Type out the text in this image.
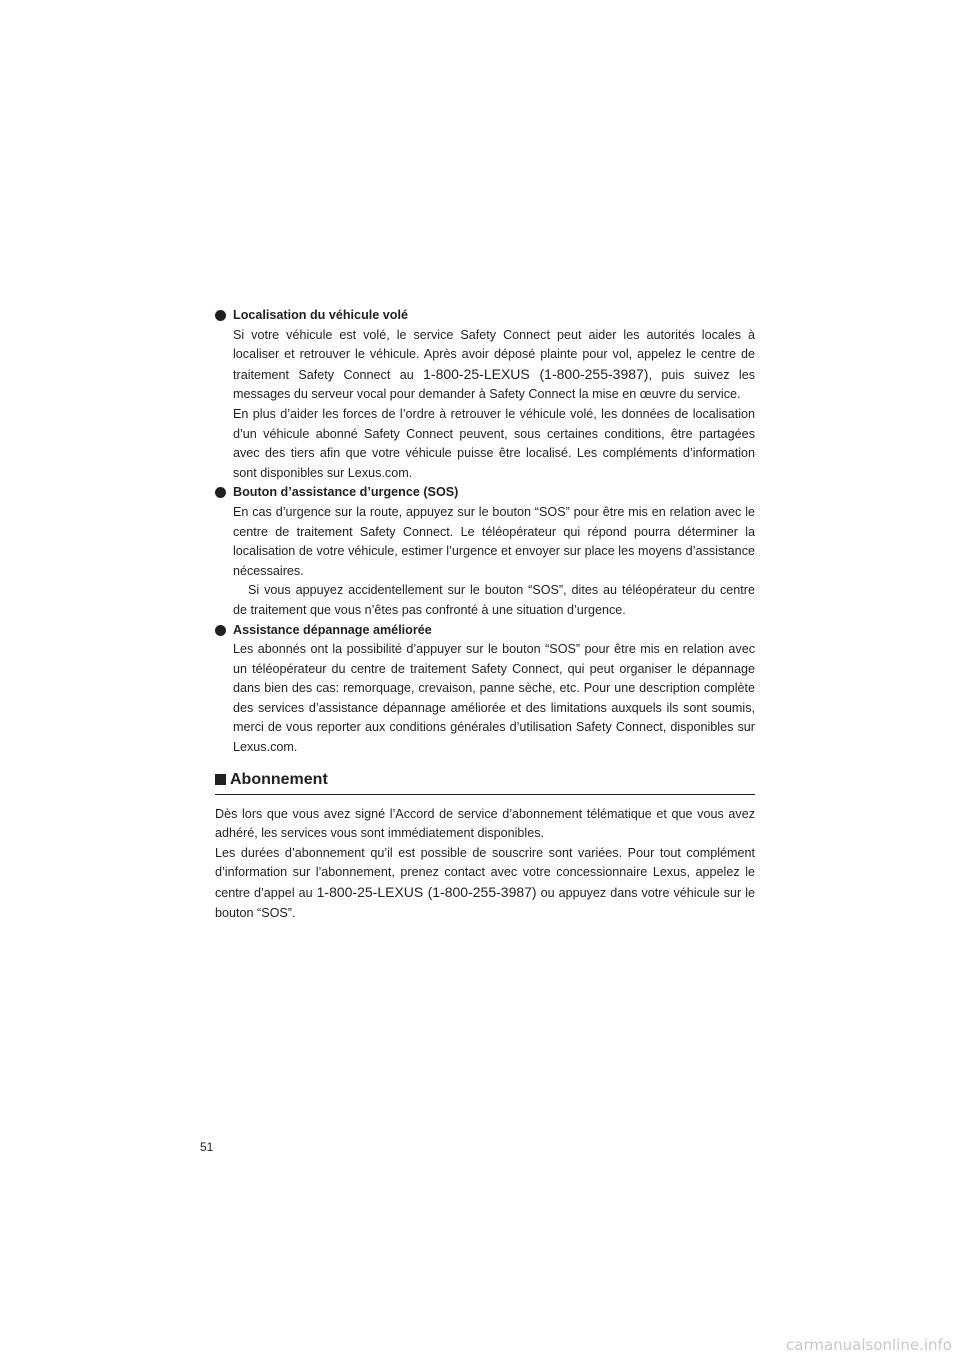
Localisation du véhicule volé

Si votre véhicule est volé, le service Safety Connect peut aider les autorités locales à localiser et retrouver le véhicule. Après avoir déposé plainte pour vol, appelez le centre de traitement Safety Connect au 1-800-25-LEXUS (1-800-255-3987), puis suivez les messages du serveur vocal pour demander à Safety Connect la mise en œuvre du service.

En plus d’aider les forces de l’ordre à retrouver le véhicule volé, les données de localisation d’un véhicule abonné Safety Connect peuvent, sous certaines conditions, être partagées avec des tiers afin que votre véhicule puisse être localisé. Les compléments d’information sont disponibles sur Lexus.com.

Bouton d’assistance d’urgence (SOS)

En cas d’urgence sur la route, appuyez sur le bouton “SOS” pour être mis en relation avec le centre de traitement Safety Connect. Le téléopérateur qui répond pourra déterminer la localisation de votre véhicule, estimer l’urgence et envoyer sur place les moyens d’assistance nécessaires.

Si vous appuyez accidentellement sur le bouton “SOS”, dites au téléopérateur du centre de traitement que vous n’êtes pas confronté à une situation d’urgence.

Assistance dépannage améliorée

Les abonnés ont la possibilité d’appuyer sur le bouton “SOS” pour être mis en relation avec un téléopérateur du centre de traitement Safety Connect, qui peut organiser le dépannage dans bien des cas: remorquage, crevaison, panne sèche, etc. Pour une description complète des services d’assistance dépannage améliorée et des limitations auxquels ils sont soumis, merci de vous reporter aux conditions générales d’utilisation Safety Connect, disponibles sur Lexus.com.

Abonnement

Dès lors que vous avez signé l’Accord de service d’abonnement télématique et que vous avez adhéré, les services vous sont immédiatement disponibles.

Les durées d’abonnement qu’il est possible de souscrire sont variées. Pour tout complément d’information sur l’abonnement, prenez contact avec votre concessionnaire Lexus, appelez le centre d’appel au 1-800-25-LEXUS (1-800-255-3987) ou appuyez dans votre véhicule sur le bouton “SOS”.

51
carmanualsonline.info
